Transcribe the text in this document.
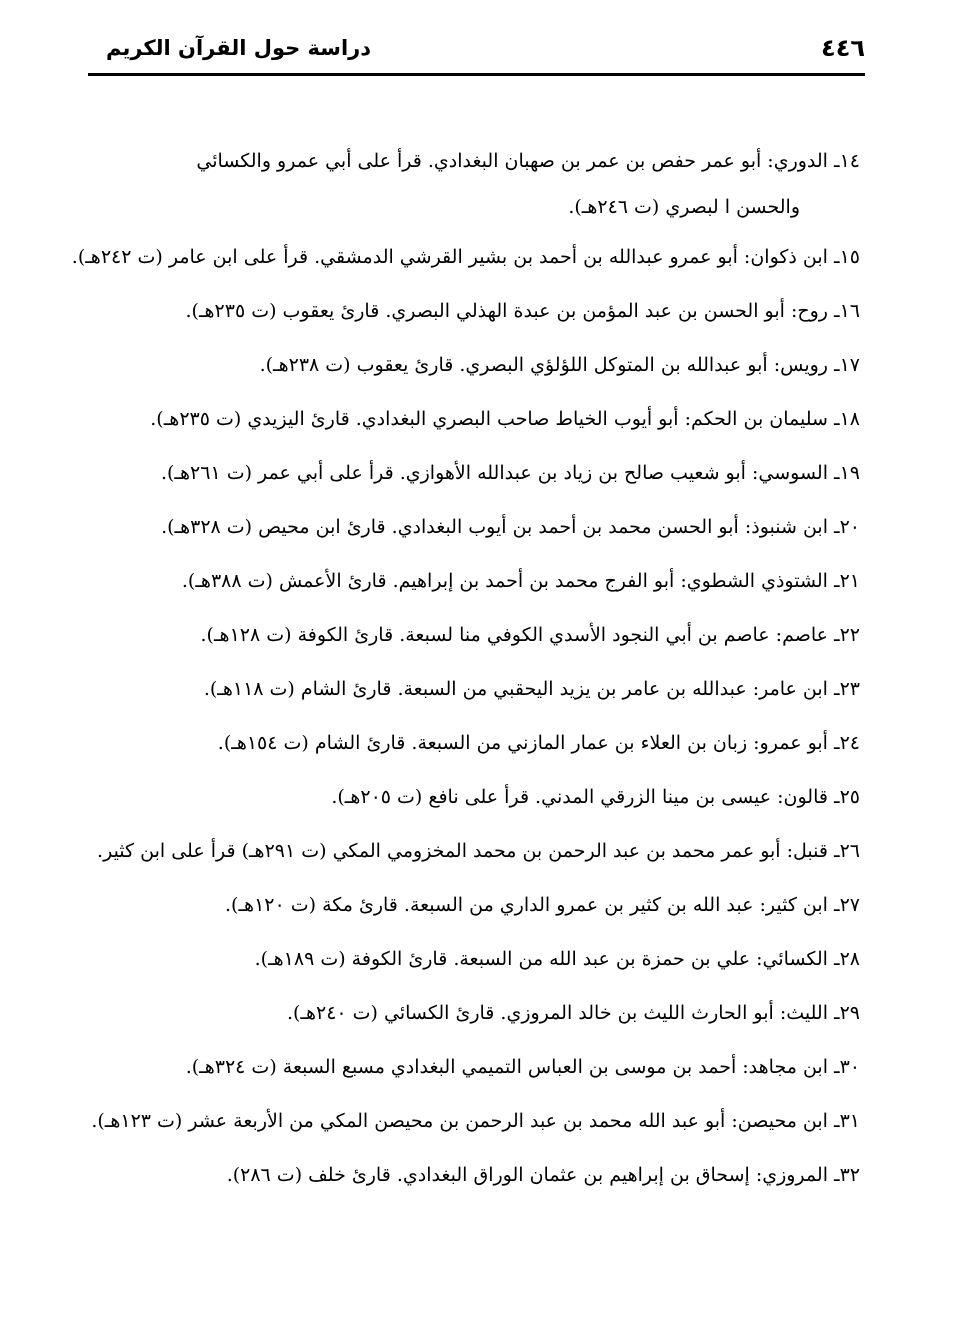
٤٤٦
دراسة حول القرآن الكريم
١٤ـ الدوري: أبو عمر حفص بن عمر بن صهبان البغدادي. قرأ على أبي عمرو والكسائي
والحسن ا لبصري (ت ٢٤٦هـ).
١٥ـ ابن ذكوان: أبو عمرو عبدالله بن أحمد بن بشير القرشي الدمشقي. قرأ على ابن عامر (ت ٢٤٢هـ).
١٦ـ روح: أبو الحسن بن عبد المؤمن بن عبدة الهذلي البصري. قارئ يعقوب (ت ٢٣٥هـ).
١٧ـ رويس: أبو عبدالله بن المتوكل اللؤلؤي البصري. قارئ يعقوب (ت ٢٣٨هـ).
١٨ـ سليمان بن الحكم: أبو أيوب الخياط صاحب البصري البغدادي. قارئ اليزيدي (ت ٢٣٥هـ).
١٩ـ السوسي: أبو شعيب صالح بن زياد بن عبدالله الأهوازي. قرأ على أبي عمر (ت ٢٦١هـ).
٢٠ـ ابن شنبوذ: أبو الحسن محمد بن أحمد بن أيوب البغدادي. قارئ ابن محيص (ت ٣٢٨هـ).
٢١ـ الشتوذي الشطوي: أبو الفرج محمد بن أحمد بن إبراهيم. قارئ الأعمش (ت ٣٨٨هـ).
٢٢ـ عاصم: عاصم بن أبي النجود الأسدي الكوفي منا لسبعة. قارئ الكوفة (ت ١٢٨هـ).
٢٣ـ ابن عامر: عبدالله بن عامر بن يزيد اليحقبي من السبعة. قارئ الشام (ت ١١٨هـ).
٢٤ـ أبو عمرو: زبان بن العلاء بن عمار المازني من السبعة. قارئ الشام (ت ١٥٤هـ).
٢٥ـ قالون: عيسى بن مينا الزرقي المدني. قرأ على نافع (ت ٢٠٥هـ).
٢٦ـ قنبل: أبو عمر محمد بن عبد الرحمن بن محمد المخزومي المكي (ت ٢٩١هـ) قرأ على ابن كثير.
٢٧ـ ابن كثير: عبد الله بن كثير بن عمرو الداري من السبعة. قارئ مكة (ت ١٢٠هـ).
٢٨ـ الكسائي: علي بن حمزة بن عبد الله من السبعة. قارئ الكوفة (ت ١٨٩هـ).
٢٩ـ الليث: أبو الحارث الليث بن خالد المروزي. قارئ الكسائي (ت ٢٤٠هـ).
٣٠ـ ابن مجاهد: أحمد بن موسى بن العباس التميمي البغدادي مسبع السبعة (ت ٣٢٤هـ).
٣١ـ ابن محيصن: أبو عبد الله محمد بن عبد الرحمن بن محيصن المكي من الأربعة عشر (ت ١٢٣هـ).
٣٢ـ المروزي: إسحاق بن إبراهيم بن عثمان الوراق البغدادي. قارئ خلف (ت ٢٨٦).
